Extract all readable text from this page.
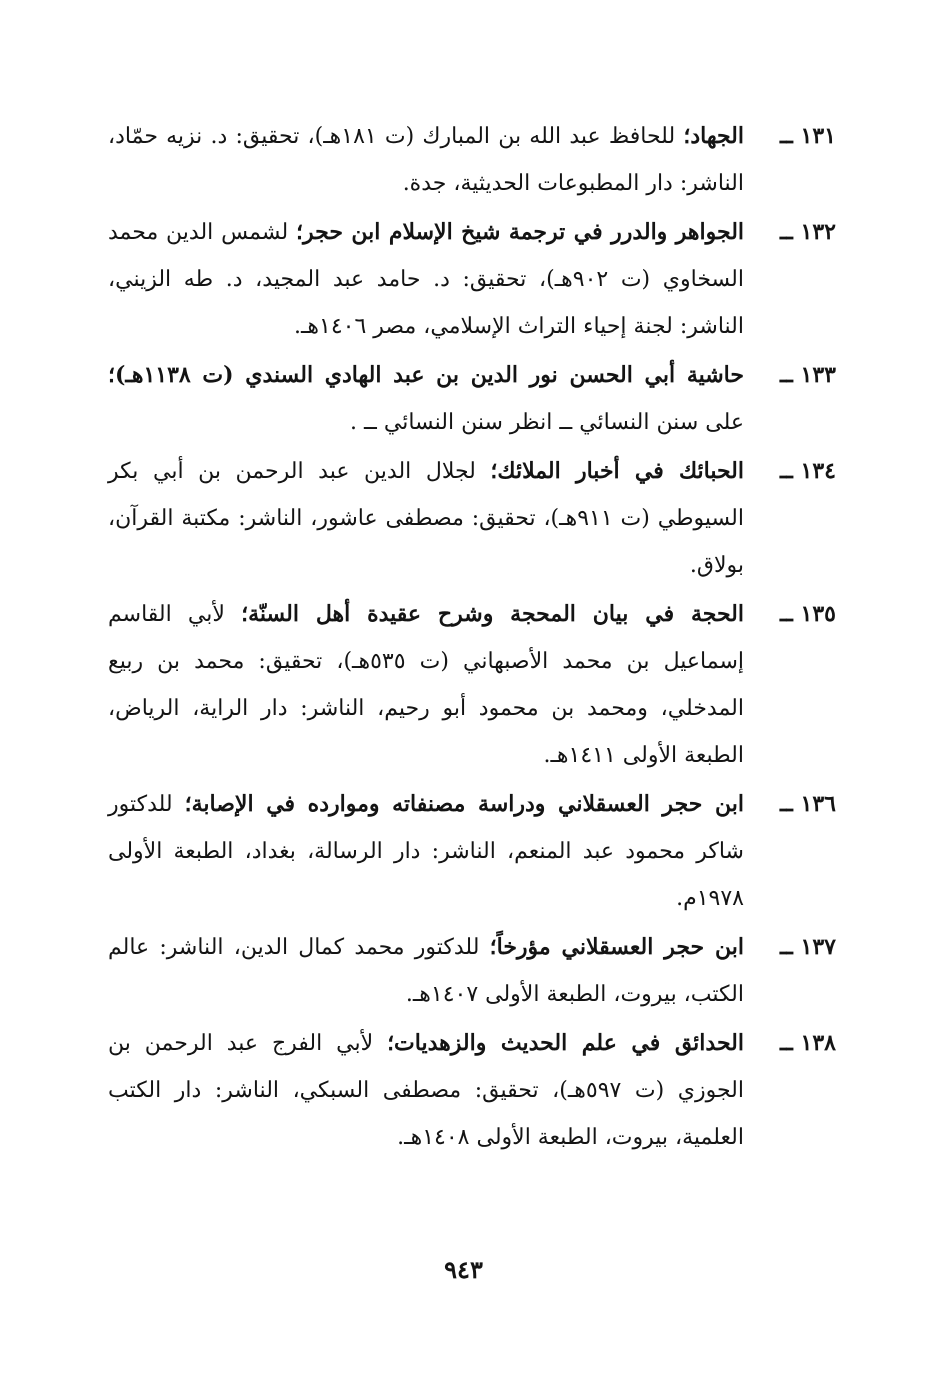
١٣١ ــ
الجهاد؛ للحافظ عبد الله بن المبارك (ت ١٨١هـ)، تحقيق: د. نزيه حمّاد، الناشر: دار المطبوعات الحديثية، جدة.
١٣٢ ــ
الجواهر والدرر في ترجمة شيخ الإسلام ابن حجر؛ لشمس الدين محمد السخاوي (ت ٩٠٢هـ)، تحقيق: د. حامد عبد المجيد، د. طه الزيني، الناشر: لجنة إحياء التراث الإسلامي، مصر ١٤٠٦هـ.
١٣٣ ــ
حاشية أبي الحسن نور الدين بن عبد الهادي السندي (ت ١١٣٨هـ)؛ على سنن النسائي ــ انظر سنن النسائي ــ .
١٣٤ ــ
الحبائك في أخبار الملائك؛ لجلال الدين عبد الرحمن بن أبي بكر السيوطي (ت ٩١١هـ)، تحقيق: مصطفى عاشور، الناشر: مكتبة القرآن، بولاق.
١٣٥ ــ
الحجة في بيان المحجة وشرح عقيدة أهل السنّة؛ لأبي القاسم إسماعيل بن محمد الأصبهاني (ت ٥٣٥هـ)، تحقيق: محمد بن ربيع المدخلي، ومحمد بن محمود أبو رحيم، الناشر: دار الراية، الرياض، الطبعة الأولى ١٤١١هـ.
١٣٦ ــ
ابن حجر العسقلاني ودراسة مصنفاته وموارده في الإصابة؛ للدكتور شاكر محمود عبد المنعم، الناشر: دار الرسالة، بغداد، الطبعة الأولى ١٩٧٨م.
١٣٧ ــ
ابن حجر العسقلاني مؤرخاً؛ للدكتور محمد كمال الدين، الناشر: عالم الكتب، بيروت، الطبعة الأولى ١٤٠٧هـ.
١٣٨ ــ
الحدائق في علم الحديث والزهديات؛ لأبي الفرج عبد الرحمن بن الجوزي (ت ٥٩٧هـ)، تحقيق: مصطفى السبكي، الناشر: دار الكتب العلمية، بيروت، الطبعة الأولى ١٤٠٨هـ.
٩٤٣
